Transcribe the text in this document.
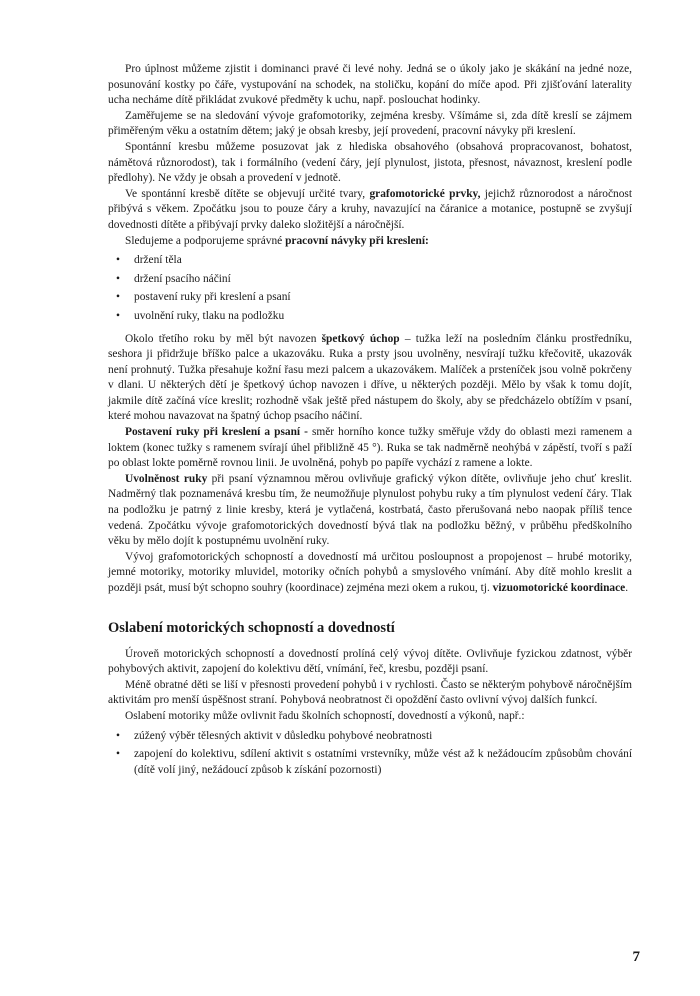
Pro úplnost můžeme zjistit i dominanci pravé či levé nohy. Jedná se o úkoly jako je skákání na jedné noze, posunování kostky po čáře, vystupování na schodek, na stoličku, kopání do míče apod. Při zjišťování laterality ucha necháme dítě přikládat zvukové předměty k uchu, např. poslouchat hodinky.

Zaměřujeme se na sledování vývoje grafomotoriky, zejména kresby. Všímáme si, zda dítě kreslí se zájmem přiměřeným věku a ostatním dětem; jaký je obsah kresby, její provedení, pracovní návyky při kreslení.

Spontánní kresbu můžeme posuzovat jak z hlediska obsahového (obsahová propracovanost, bohatost, námětová různorodost), tak i formálního (vedení čáry, její plynulost, jistota, přesnost, návaznost, kreslení podle předlohy). Ne vždy je obsah a provedení v jednotě.

Ve spontánní kresbě dítěte se objevují určité tvary, grafomotorické prvky, jejichž různorodost a náročnost přibývá s věkem. Zpočátku jsou to pouze čáry a kruhy, navazující na čáranice a motanice, postupně se zvyšují dovednosti dítěte a přibývají prvky daleko složitější a náročnější.

Sledujeme a podporujeme správné pracovní návyky při kreslení:

• držení těla
• držení psacího náčiní
• postavení ruky při kreslení a psaní
• uvolnění ruky, tlaku na podložku

Okolo třetího roku by měl být navozen špetkový úchop – tužka leží na posledním článku prostředníku, seshora ji přidržuje bříško palce a ukazováku. Ruka a prsty jsou uvolněny, nesvírají tužku křečovitě, ukazovák není prohnutý. Tužka přesahuje kožní řasu mezi palcem a ukazovákem. Malíček a prsteníček jsou volně pokrčeny v dlani. U některých dětí je špetkový úchop navozen i dříve, u některých později. Mělo by však k tomu dojít, jakmile dítě začíná více kreslit; rozhodně však ještě před nástupem do školy, aby se předcházelo obtížím v psaní, které mohou navazovat na špatný úchop psacího náčiní.

Postavení ruky při kreslení a psaní - směr horního konce tužky směřuje vždy do oblasti mezi ramenem a loktem (konec tužky s ramenem svírají úhel přibližně 45 °). Ruka se tak nadměrně neohýbá v zápěstí, tvoří s paží po oblast lokte poměrně rovnou linii. Je uvolněná, pohyb po papíře vychází z ramene a lokte.

Uvolněnost ruky při psaní významnou měrou ovlivňuje grafický výkon dítěte, ovlivňuje jeho chuť kreslit. Nadměrný tlak poznamenává kresbu tím, že neumožňuje plynulost pohybu ruky a tím plynulost vedení čáry. Tlak na podložku je patrný z linie kresby, která je vytlačená, kostrbatá, často přerušovaná nebo naopak příliš tence vedená. Zpočátku vývoje grafomotorických dovedností bývá tlak na podložku běžný, v průběhu předškolního věku by mělo dojít k postupnému uvolnění ruky.

Vývoj grafomotorických schopností a dovedností má určitou posloupnost a propojenost – hrubé motoriky, jemné motoriky, motoriky mluvidel, motoriky očních pohybů a smyslového vnímání. Aby dítě mohlo kreslit a později psát, musí být schopno souhry (koordinace) zejména mezi okem a rukou, tj. vizuomotorické koordinace.

Oslabení motorických schopností a dovedností

Úroveň motorických schopností a dovedností prolíná celý vývoj dítěte. Ovlivňuje fyzickou zdatnost, výběr pohybových aktivit, zapojení do kolektivu dětí, vnímání, řeč, kresbu, později psaní.

Méně obratné děti se liší v přesnosti provedení pohybů i v rychlosti. Často se některým pohybově náročnějším aktivitám pro menší úspěšnost straní. Pohybová neobratnost či opoždění často ovlivní vývoj dalších funkcí.

Oslabení motoriky může ovlivnit řadu školních schopností, dovedností a výkonů, např.:

• zúžený výběr tělesných aktivit v důsledku pohybové neobratnosti
• zapojení do kolektivu, sdílení aktivit s ostatními vrstevníky, může vést až k nežádoucím způsobům chování (dítě volí jiný, nežádoucí způsob k získání pozornosti)
7
